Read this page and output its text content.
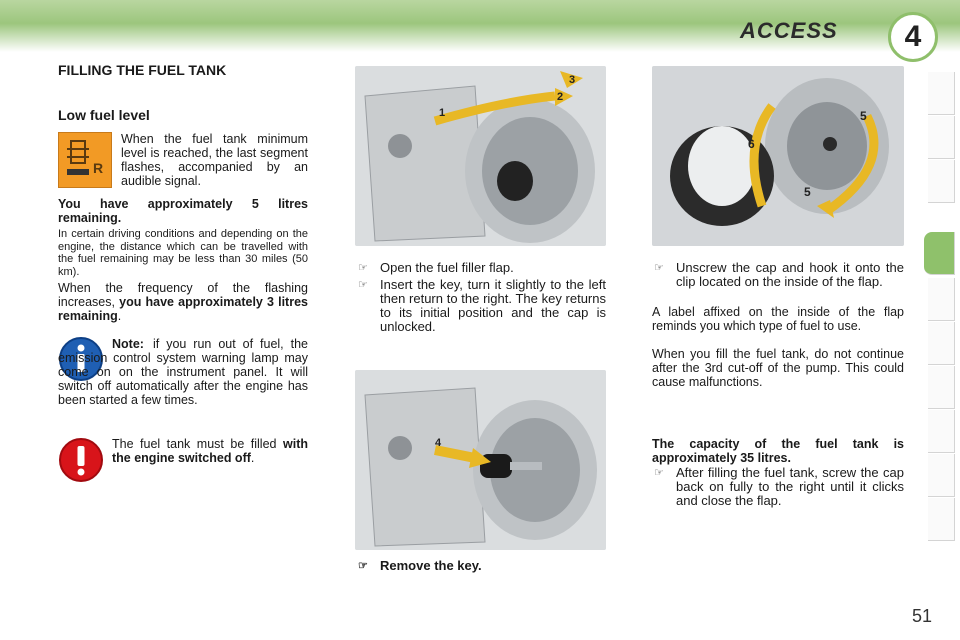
ACCESS	4
FILLING THE FUEL TANK
Low fuel level
R
When the fuel tank minimum level is reached, the last segment flashes, accompanied by an audible signal.
You have approximately 5 litres remaining.
In certain driving conditions and depending on the engine, the distance which can be travelled with the fuel remaining may be less than 30 miles (50 km).
When the frequency of the flashing increases, you have approximately 3 litres remaining.
Note: if you run out of fuel, the emission control system warning lamp may come on on the instrument panel. It will switch off automatically after the engine has been started a few times.
The fuel tank must be filled with the engine switched off.
1
2
3
☞ Open the fuel filler flap.
☞ Insert the key, turn it slightly to the left then return to the right. The key returns to its initial position and the cap is unlocked.
4
☞ Remove the key.
6
5
5
☞ Unscrew the cap and hook it onto the clip located on the inside of the flap.
A label affixed on the inside of the flap reminds you which type of fuel to use.
When you fill the fuel tank, do not continue after the 3rd cut-off of the pump. This could cause malfunctions.
The capacity of the fuel tank is approximately 35 litres.
☞ After filling the fuel tank, screw the cap back on fully to the right until it clicks and close the flap.
51
